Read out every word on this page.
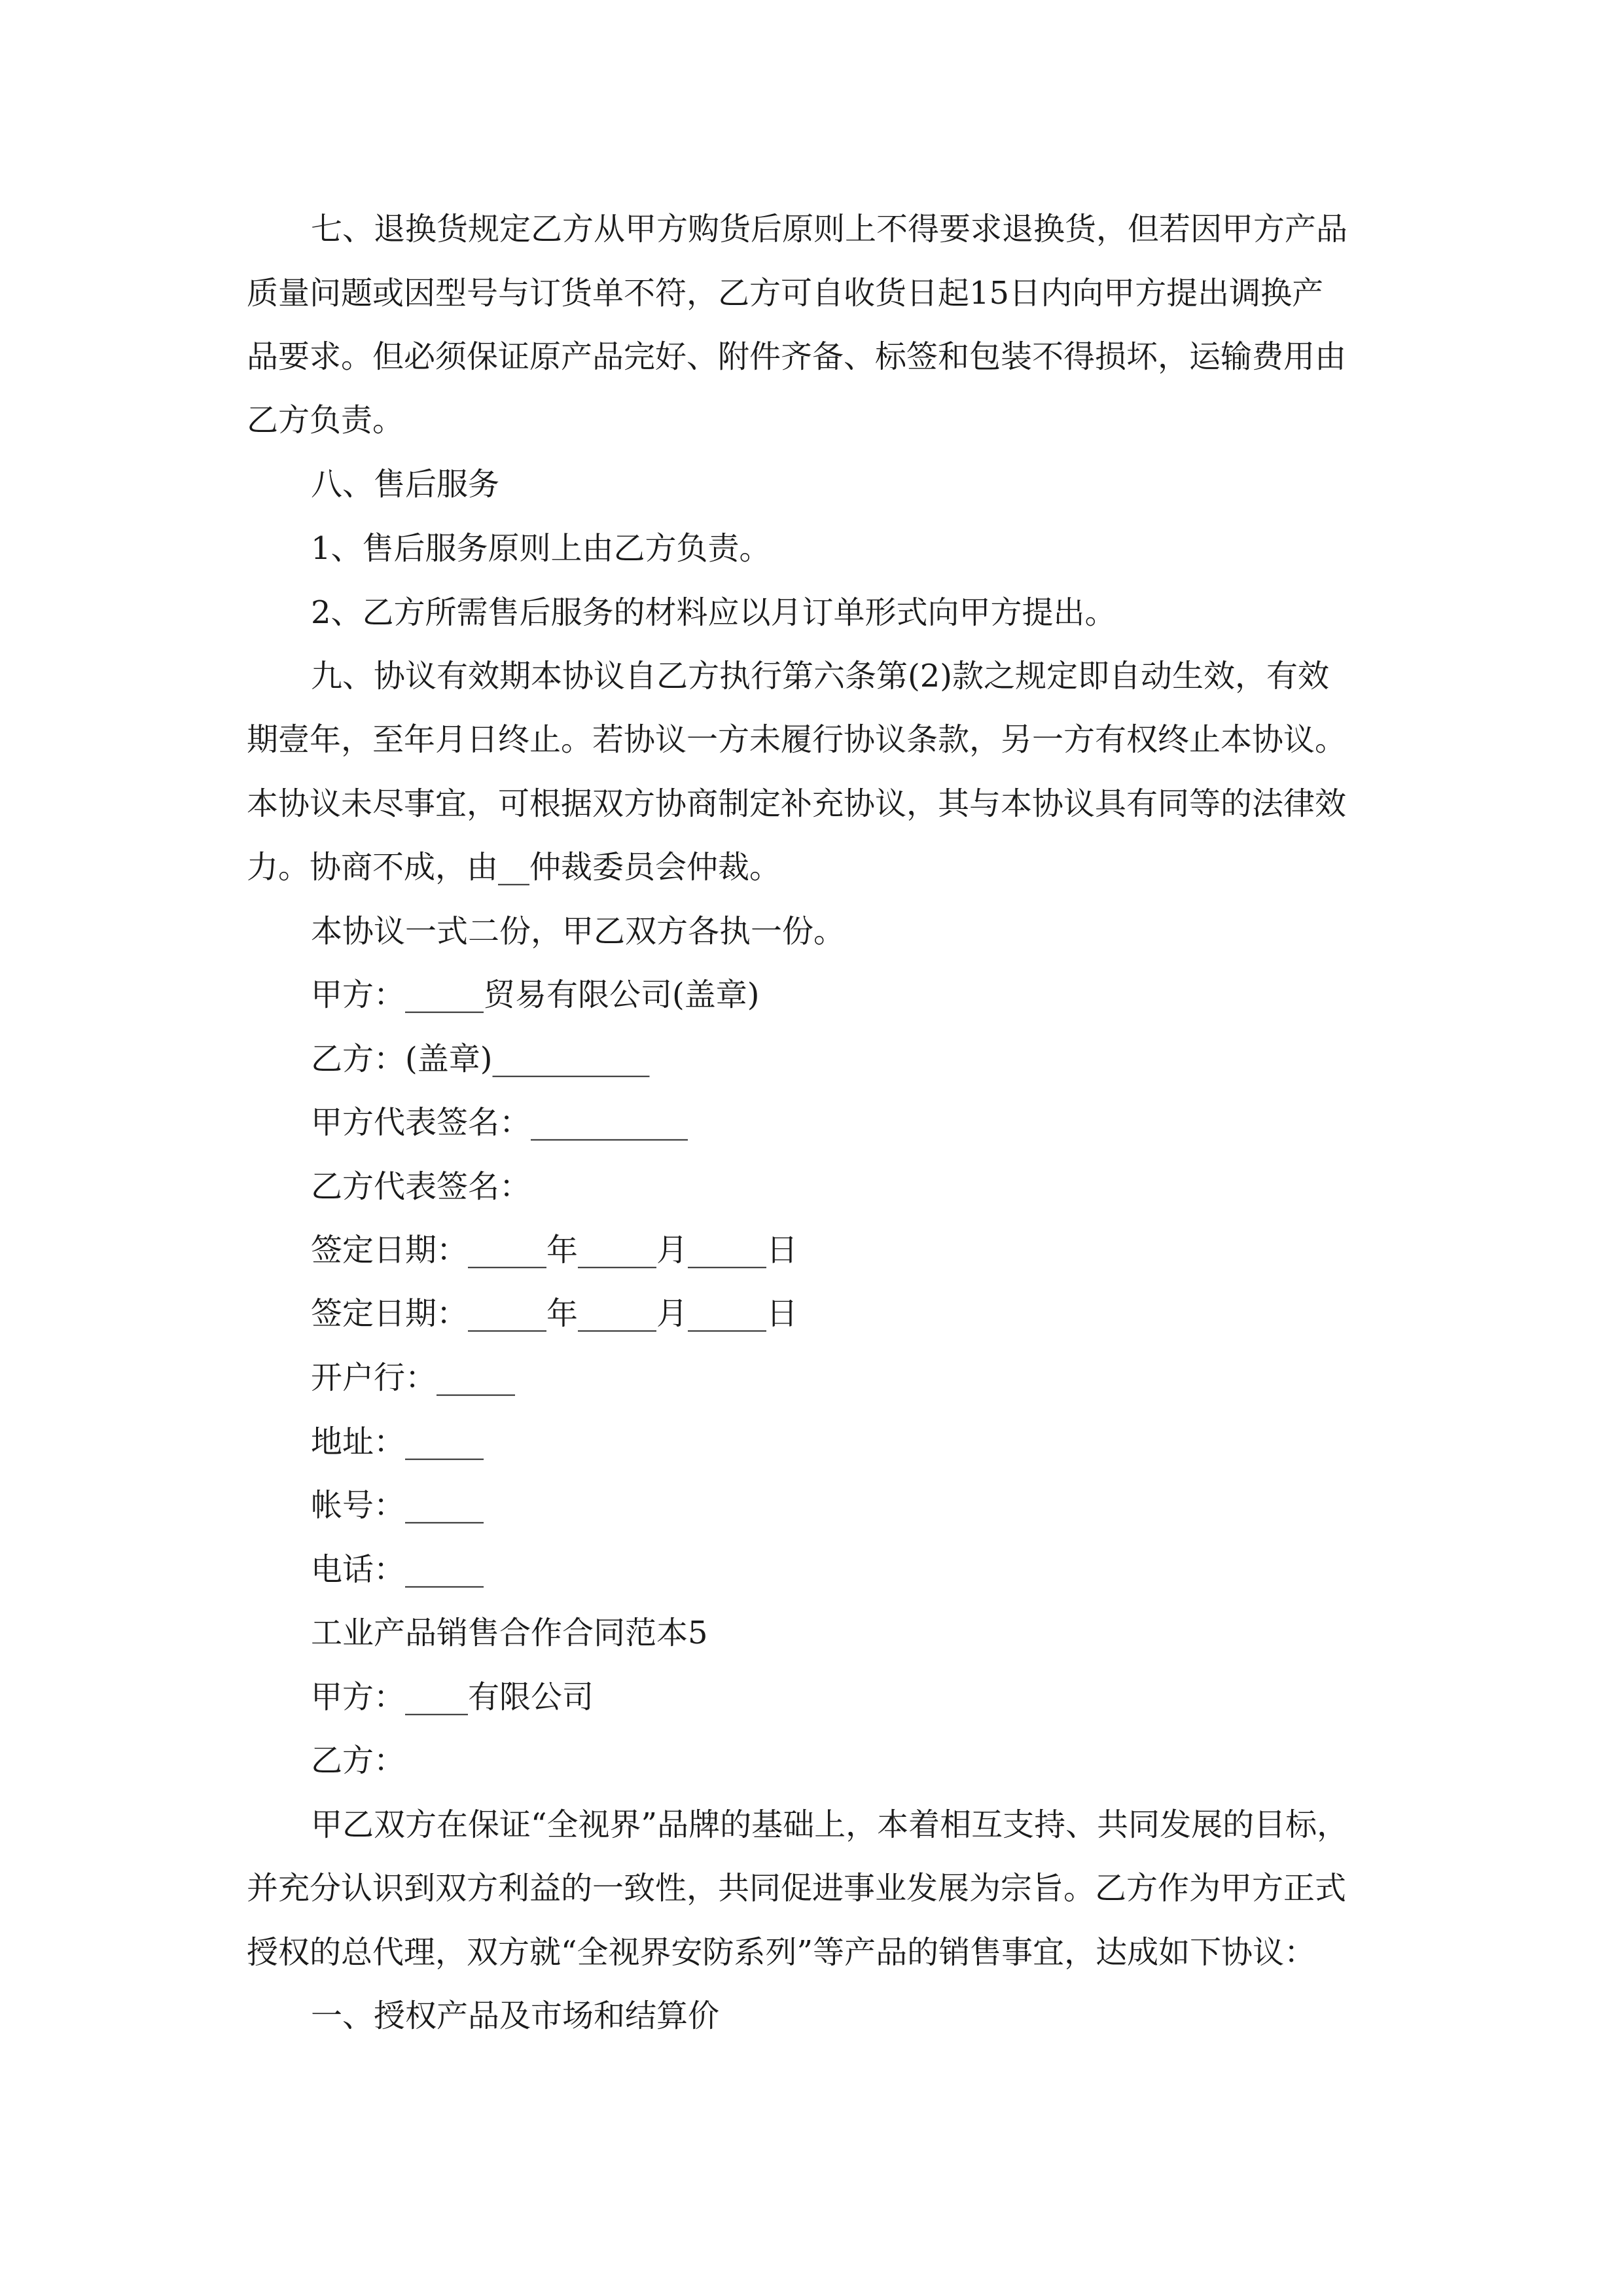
七、退换货规定乙方从甲方购货后原则上不得要求退换货，但若因甲方产品

质量问题或因型号与订货单不符，乙方可自收货日起15日内向甲方提出调换产

品要求。但必须保证原产品完好、附件齐备、标签和包装不得损坏，运输费用由

乙方负责。

八、售后服务

1、售后服务原则上由乙方负责。

2、乙方所需售后服务的材料应以月订单形式向甲方提出。

九、协议有效期本协议自乙方执行第六条第(2)款之规定即自动生效，有效

期壹年，至年月日终止。若协议一方未履行协议条款，另一方有权终止本协议。

本协议未尽事宜，可根据双方协商制定补充协议，其与本协议具有同等的法律效

力。协商不成，由__仲裁委员会仲裁。

本协议一式二份，甲乙双方各执一份。

甲方：_____贸易有限公司(盖章)

乙方：(盖章)__________

甲方代表签名：__________

乙方代表签名：

签定日期：_____年_____月_____日

签定日期：_____年_____月_____日

开户行：_____

地址：_____

帐号：_____

电话：_____

工业产品销售合作合同范本5

甲方：____有限公司

乙方：

甲乙双方在保证“全视界”品牌的基础上，本着相互支持、共同发展的目标，

并充分认识到双方利益的一致性，共同促进事业发展为宗旨。乙方作为甲方正式

授权的总代理，双方就“全视界安防系列”等产品的销售事宜，达成如下协议：

一、授权产品及市场和结算价
